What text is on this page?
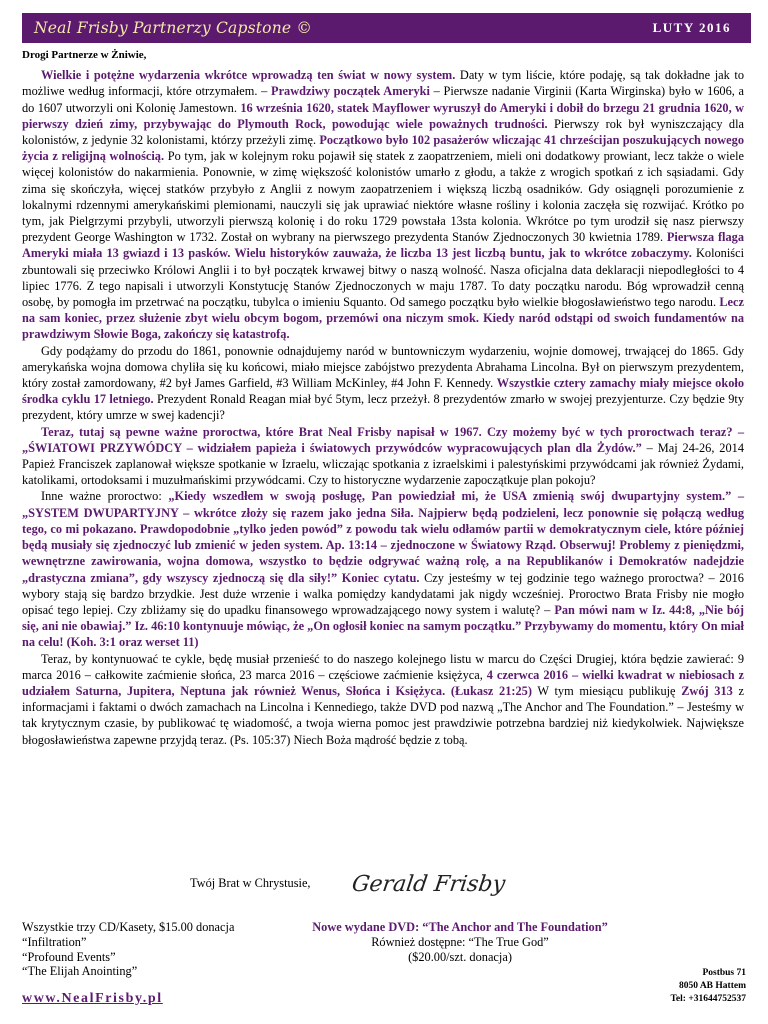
Neal Frisby Partnerzy Capstone ©	LUTY 2016
Drogi Partnerze w Żniwie,

Wielkie i potężne wydarzenia wkrótce wprowadzą ten świat w nowy system. Daty w tym liście, które podaję, są tak dokładne jak to możliwe według informacji, które otrzymałem. – Prawdziwy początek Ameryki – Pierwsze nadanie Virginii (Karta Wirginska) było w 1606, a do 1607 utworzyli oni Kolonię Jamestown. 16 września 1620, statek Mayflower wyruszył do Ameryki i dobił do brzegu 21 grudnia 1620, w pierwszy dzień zimy, przybywając do Plymouth Rock, powodując wiele poważnych trudności. Pierwszy rok był wyniszczający dla kolonistów, z jedynie 32 kolonistami, którzy przeżyli zimę. Początkowo było 102 pasażerów wliczając 41 chrześcijan poszukujących nowego życia z religijną wolnością. Po tym, jak w kolejnym roku pojawił się statek z zaopatrzeniem, mieli oni dodatkowy prowiant, lecz także o wiele więcej kolonistów do nakarmienia. Ponownie, w zimę większość kolonistów umarło z głodu, a także z wrogich spotkań z ich sąsiadami. Gdy zima się skończyła, więcej statków przybyło z Anglii z nowym zaopatrzeniem i większą liczbą osadników. Gdy osiągnęli porozumienie z lokalnymi rdzennymi amerykańskimi plemionami, nauczyli się jak uprawiać niektóre własne rośliny i kolonia zaczęła się rozwijać. Krótko po tym, jak Pielgrzymi przybyli, utworzyli pierwszą kolonię i do roku 1729 powstała 13sta kolonia. Wkrótce po tym urodził się nasz pierwszy prezydent George Washington w 1732. Został on wybrany na pierwszego prezydenta Stanów Zjednoczonych 30 kwietnia 1789. Pierwsza flaga Ameryki miała 13 gwiazd i 13 pasków. Wielu historyków zauważa, że liczba 13 jest liczbą buntu, jak to wkrótce zobaczymy. Koloniści zbuntowali się przeciwko Królowi Anglii i to był początek krwawej bitwy o naszą wolność. Nasza oficjalna data deklaracji niepodległości to 4 lipiec 1776. Z tego napisali i utworzyli Konstytucję Stanów Zjednoczonych w maju 1787. To daty początku narodu. Bóg wprowadził cenną osobę, by pomogła im przetrwać na początku, tubylca o imieniu Squanto. Od samego początku było wielkie błogosławieństwo tego narodu. Lecz na sam koniec, przez służenie zbyt wielu obcym bogom, przemówi ona niczym smok. Kiedy naród odstąpi od swoich fundamentów na prawdziwym Słowie Boga, zakończy się katastrofą.

Gdy podążamy do przodu do 1861, ponownie odnajdujemy naród w buntowniczym wydarzeniu, wojnie domowej, trwającej do 1865. Gdy amerykańska wojna domowa chyliła się ku końcowi, miało miejsce zabójstwo prezydenta Abrahama Lincolna. Był on pierwszym prezydentem, który został zamordowany, #2 był James Garfield, #3 William McKinley, #4 John F. Kennedy. Wszystkie cztery zamachy miały miejsce około środka cyklu 17 letniego. Prezydent Ronald Reagan miał być 5tym, lecz przeżył. 8 prezydentów zmarło w swojej prezyjenturze. Czy będzie 9ty prezydent, który umrze w swej kadencji?

Teraz, tutaj są pewne ważne proroctwa, które Brat Neal Frisby napisał w 1967. Czy możemy być w tych proroctwach teraz? – „ŚWIATOWI PRZYWÓDCY – widziałem papieża i światowych przywódców wypracowujących plan dla Żydów.” – Maj 24-26, 2014 Papież Franciszek zaplanował większe spotkanie w Izraelu, wliczając spotkania z izraelskimi i palestyńskimi przywódcami jak również Żydami, katolikami, ortodoksami i muzułmańskimi przywódcami. Czy to historyczne wydarzenie zapoczątkuje plan pokoju?

Inne ważne proroctwo: „Kiedy wszedłem w swoją posługę, Pan powiedział mi, że USA zmienią swój dwupartyjny system.” – „SYSTEM DWUPARTYJNY – wkrótce złoży się razem jako jedna Siła. Najpierw będą podzieleni, lecz ponownie się połączą według tego, co mi pokazano. Prawdopodobnie „tylko jeden powód” z powodu tak wielu odłamów partii w demokratycznym ciele, które później będą musiały się zjednoczyć lub zmienić w jeden system. Ap. 13:14 – zjednoczone w Światowy Rząd. Obserwuj! Problemy z pieniędzmi, wewnętrzne zawirowania, wojna domowa, wszystko to będzie odgrywać ważną rolę, a na Republikanów i Demokratów nadejdzie „drastyczna zmiana”, gdy wszyscy zjednoczą się dla siły!” Koniec cytatu. Czy jesteśmy w tej godzinie tego ważnego proroctwa? – 2016 wybory stają się bardzo brzydkie. Jest duże wrzenie i walka pomiędzy kandydatami jak nigdy wcześniej. Proroctwo Brata Frisby nie mogło opisać tego lepiej. Czy zbliżamy się do upadku finansowego wprowadzającego nowy system i walutę? – Pan mówi nam w Iz. 44:8, „Nie bój się, ani nie obawiaj.” Iz. 46:10 kontynuuje mówiąc, że „On ogłosił koniec na samym początku.” Przybywamy do momentu, który On miał na celu! (Koh. 3:1 oraz werset 11)

Teraz, by kontynuować te cykle, będę musiał przenieść to do naszego kolejnego listu w marcu do Części Drugiej, która będzie zawierać: 9 marca 2016 – całkowite zaćmienie słońca, 23 marca 2016 – częściowe zaćmienie księżyca, 4 czerwca 2016 – wielki kwadrat w niebiosach z udziałem Saturna, Jupitera, Neptuna jak również Wenus, Słońca i Księżyca. (Łukasz 21:25) W tym miesiącu publikuję Zwój 313 z informacjami i faktami o dwóch zamachach na Lincolna i Kennediego, także DVD pod nazwą „The Anchor and The Foundation.” – Jesteśmy w tak krytycznym czasie, by publikować tę wiadomość, a twoja wierna pomoc jest prawdziwie potrzebna bardziej niż kiedykolwiek. Największe błogosławieństwa zapewne przyjdą teraz. (Ps. 105:37) Niech Boża mądrość będzie z tobą.

Twój Brat w Chrystusie, Gerald Frisby
Wszystkie trzy CD/Kasety, $15.00 donacja
“Infiltration”
“Profound Events”
“The Elijah Anointing”
Nowe wydane DVD: “The Anchor and The Foundation”
Również dostępne: “The True God”
($20.00/szt. donacja)
Postbus 71
8050 AB Hattem
Tel: +31644752537
www.NealFrisby.pl
